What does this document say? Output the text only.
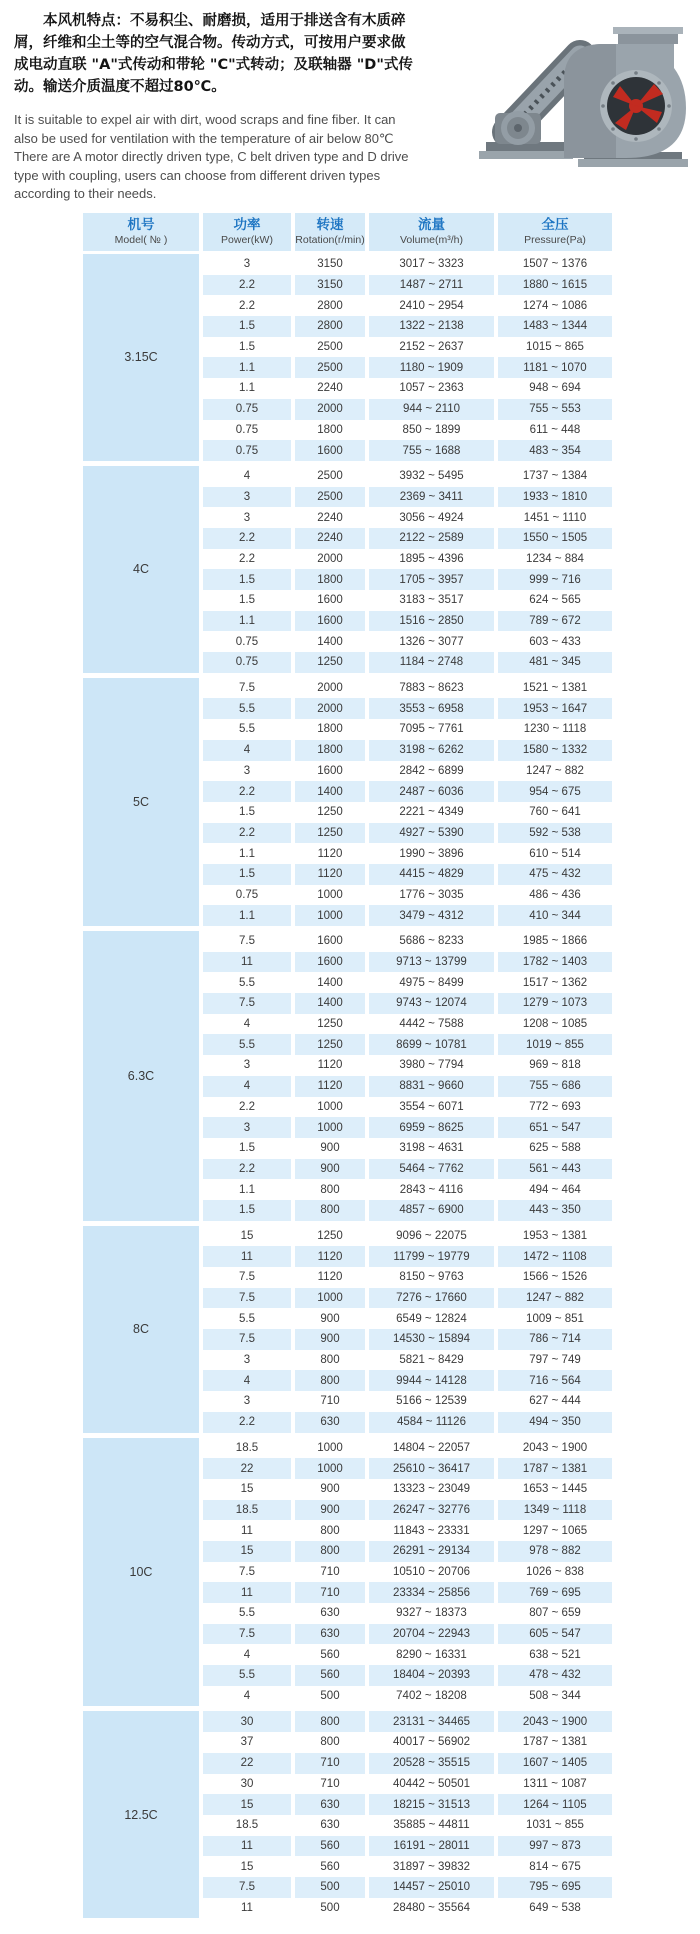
本风机特点：不易积尘、耐磨损，适用于排送含有木质碎屑，纤维和尘土等的空气混合物。传动方式，可按用户要求做成电动直联 "A"式传动和带轮 "C"式转动；及联轴器 "D"式传动。输送介质温度不超过80℃。

It is suitable to expel air with dirt, wood scraps and fine fiber. It can also be used for ventilation with the temperature of air below 80℃ There are A motor directly driven type, C belt driven type and D drive type with coupling, users can choose from different driven types according to their needs.

机号
Model( № )
功率
Power(kW)
转速
Rotation(r/min)
流量
Volume(m³/h)
全压
Pressure(Pa)
3.15C
3	3150	3017 ~ 3323	1507 ~ 1376
2.2	3150	1487 ~ 2711	1880 ~ 1615
2.2	2800	2410 ~ 2954	1274 ~ 1086
1.5	2800	1322 ~ 2138	1483 ~ 1344
1.5	2500	2152 ~ 2637	1015 ~ 865
1.1	2500	1180 ~ 1909	1181 ~ 1070
1.1	2240	1057 ~ 2363	948 ~ 694
0.75	2000	944 ~ 2110	755 ~ 553
0.75	1800	850 ~ 1899	611 ~ 448
0.75	1600	755 ~ 1688	483 ~ 354
4C
4	2500	3932 ~ 5495	1737 ~ 1384
3	2500	2369 ~ 3411	1933 ~ 1810
3	2240	3056 ~ 4924	1451 ~ 1110
2.2	2240	2122 ~ 2589	1550 ~ 1505
2.2	2000	1895 ~ 4396	1234 ~ 884
1.5	1800	1705 ~ 3957	999 ~ 716
1.5	1600	3183 ~ 3517	624 ~ 565
1.1	1600	1516 ~ 2850	789 ~ 672
0.75	1400	1326 ~ 3077	603 ~ 433
0.75	1250	1184 ~ 2748	481 ~ 345
5C
7.5	2000	7883 ~ 8623	1521 ~ 1381
5.5	2000	3553 ~ 6958	1953 ~ 1647
5.5	1800	7095 ~ 7761	1230 ~ 1118
4	1800	3198 ~ 6262	1580 ~ 1332
3	1600	2842 ~ 6899	1247 ~ 882
2.2	1400	2487 ~ 6036	954 ~ 675
1.5	1250	2221 ~ 4349	760 ~ 641
2.2	1250	4927 ~ 5390	592 ~ 538
1.1	1120	1990 ~ 3896	610 ~ 514
1.5	1120	4415 ~ 4829	475 ~ 432
0.75	1000	1776 ~ 3035	486 ~ 436
1.1	1000	3479 ~ 4312	410 ~ 344
6.3C
7.5	1600	5686 ~ 8233	1985 ~ 1866
11	1600	9713 ~ 13799	1782 ~ 1403
5.5	1400	4975 ~ 8499	1517 ~ 1362
7.5	1400	9743 ~ 12074	1279 ~ 1073
4	1250	4442 ~ 7588	1208 ~ 1085
5.5	1250	8699 ~ 10781	1019 ~ 855
3	1120	3980 ~ 7794	969 ~ 818
4	1120	8831 ~ 9660	755 ~ 686
2.2	1000	3554 ~ 6071	772 ~ 693
3	1000	6959 ~ 8625	651 ~ 547
1.5	900	3198 ~ 4631	625 ~ 588
2.2	900	5464 ~ 7762	561 ~ 443
1.1	800	2843 ~ 4116	494 ~ 464
1.5	800	4857 ~ 6900	443 ~ 350
8C
15	1250	9096 ~ 22075	1953 ~ 1381
11	1120	11799 ~ 19779	1472 ~ 1108
7.5	1120	8150 ~ 9763	1566 ~ 1526
7.5	1000	7276 ~ 17660	1247 ~ 882
5.5	900	6549 ~ 12824	1009 ~ 851
7.5	900	14530 ~ 15894	786 ~ 714
3	800	5821 ~ 8429	797 ~ 749
4	800	9944 ~ 14128	716 ~ 564
3	710	5166 ~ 12539	627 ~ 444
2.2	630	4584 ~ 11126	494 ~ 350
10C
18.5	1000	14804 ~ 22057	2043 ~ 1900
22	1000	25610 ~ 36417	1787 ~ 1381
15	900	13323 ~ 23049	1653 ~ 1445
18.5	900	26247 ~ 32776	1349 ~ 1118
11	800	11843 ~ 23331	1297 ~ 1065
15	800	26291 ~ 29134	978 ~ 882
7.5	710	10510 ~ 20706	1026 ~ 838
11	710	23334 ~ 25856	769 ~ 695
5.5	630	9327 ~ 18373	807 ~ 659
7.5	630	20704 ~ 22943	605 ~ 547
4	560	8290 ~ 16331	638 ~ 521
5.5	560	18404 ~ 20393	478 ~ 432
4	500	7402 ~ 18208	508 ~ 344
12.5C
30	800	23131 ~ 34465	2043 ~ 1900
37	800	40017 ~ 56902	1787 ~ 1381
22	710	20528 ~ 35515	1607 ~ 1405
30	710	40442 ~ 50501	1311 ~ 1087
15	630	18215 ~ 31513	1264 ~ 1105
18.5	630	35885 ~ 44811	1031 ~ 855
11	560	16191 ~ 28011	997 ~ 873
15	560	31897 ~ 39832	814 ~ 675
7.5	500	14457 ~ 25010	795 ~ 695
11	500	28480 ~ 35564	649 ~ 538
